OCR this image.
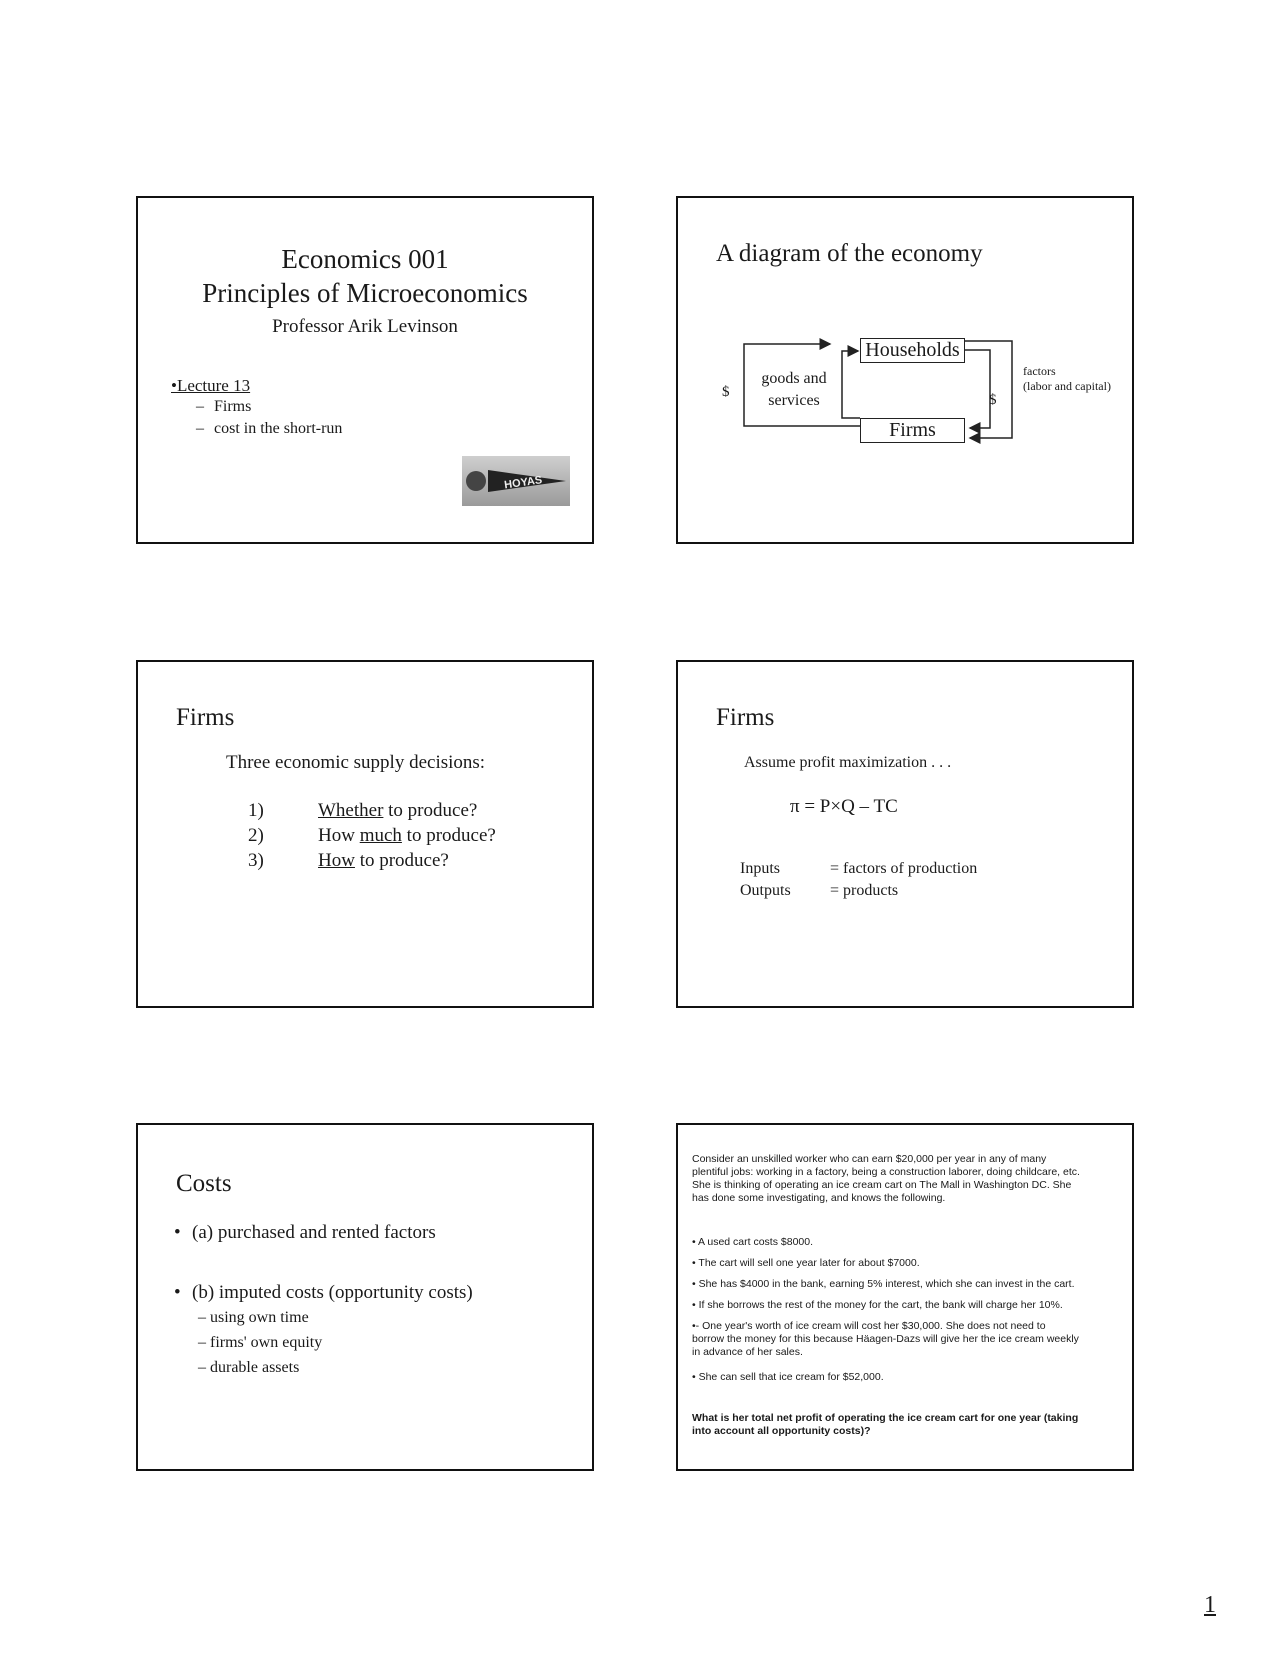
Economics 001
Principles of Microeconomics
Professor Arik Levinson
•Lecture 13
– Firms
– cost in the short-run
HOYAS
A diagram of the economy
Households
Firms
goods and
services
$	$
factors
(labor and capital)
Firms
Three economic supply decisions:
1)	Whether to produce?
2)	How much to produce?
3)	How to produce?
Firms
Assume profit maximization . . .
π = P×Q – TC
Inputs	= factors of production
Outputs = products
Costs
• (a) purchased and rented factors
• (b) imputed costs (opportunity costs)
– using own time
– firms' own equity
– durable assets
Consider an unskilled worker who can earn $20,000 per year in any of many
plentiful jobs: working in a factory, being a construction laborer, doing childcare, etc.
She is thinking of operating an ice cream cart on The Mall in Washington DC. She
has done some investigating, and knows the following.
• A used cart costs $8000.
• The cart will sell one year later for about $7000.
• She has $4000 in the bank, earning 5% interest, which she can invest in the cart.
• If she borrows the rest of the money for the cart, the bank will charge her 10%.
•- One year's worth of ice cream will cost her $30,000. She does not need to
borrow the money for this because Häagen-Dazs will give her the ice cream weekly
in advance of her sales.
• She can sell that ice cream for $52,000.
What is her total net profit of operating the ice cream cart for one year (taking
into account all opportunity costs)?
1
